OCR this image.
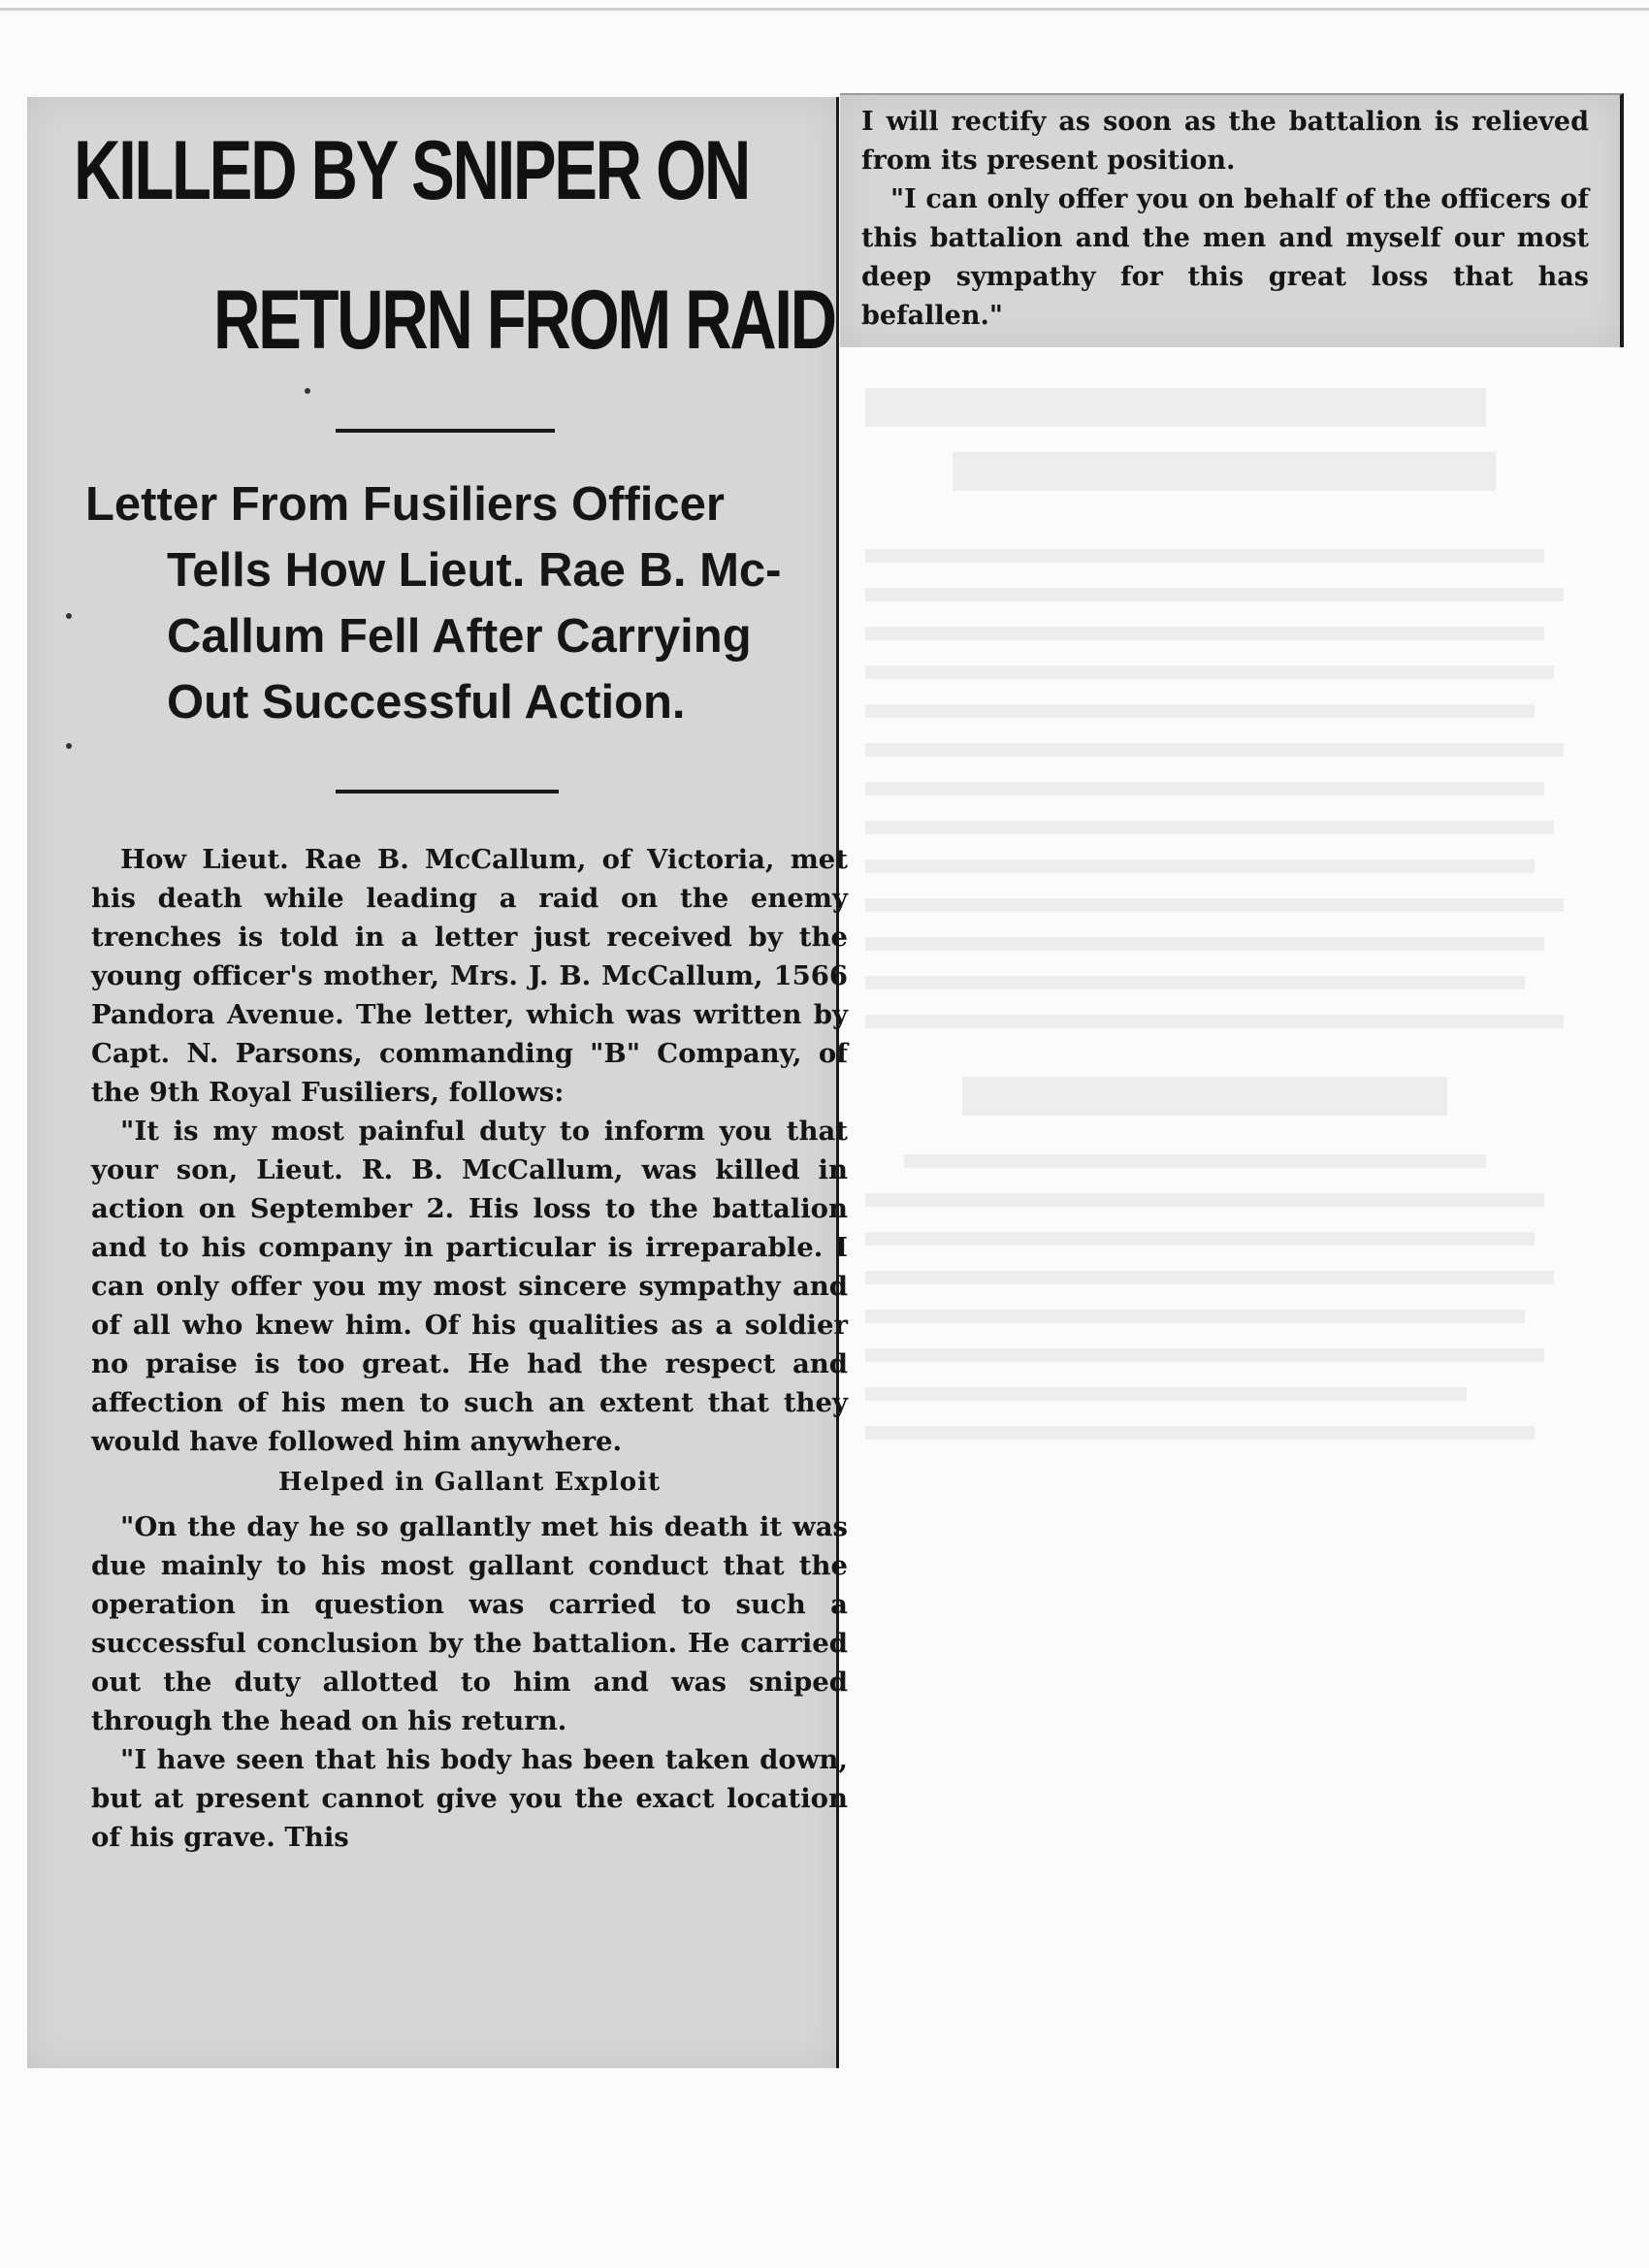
KILLED BY SNIPER ON
RETURN FROM RAID
Letter From Fusiliers Officer
Tells How Lieut. Rae B. Mc-
Callum Fell After Carrying
Out Successful Action.

How Lieut. Rae B. McCallum, of Victoria, met his death while leading a raid on the enemy trenches is told in a letter just received by the young officer's mother, Mrs. J. B. McCallum, 1566 Pandora Avenue. The letter, which was written by Capt. N. Parsons, commanding "B" Company, of the 9th Royal Fusiliers, follows:

"It is my most painful duty to inform you that your son, Lieut. R. B. McCallum, was killed in action on September 2. His loss to the battalion and to his company in particular is irreparable. I can only offer you my most sincere sympathy and of all who knew him. Of his qualities as a soldier no praise is too great. He had the respect and affection of his men to such an extent that they would have followed him anywhere.

Helped in Gallant Exploit

"On the day he so gallantly met his death it was due mainly to his most gallant conduct that the operation in question was carried to such a successful conclusion by the battalion. He carried out the duty allotted to him and was sniped through the head on his return.

"I have seen that his body has been taken down, but at present cannot give you the exact location of his grave. This

I will rectify as soon as the battalion is relieved from its present position.

"I can only offer you on behalf of the officers of this battalion and the men and myself our most deep sympathy for this great loss that has befallen."
